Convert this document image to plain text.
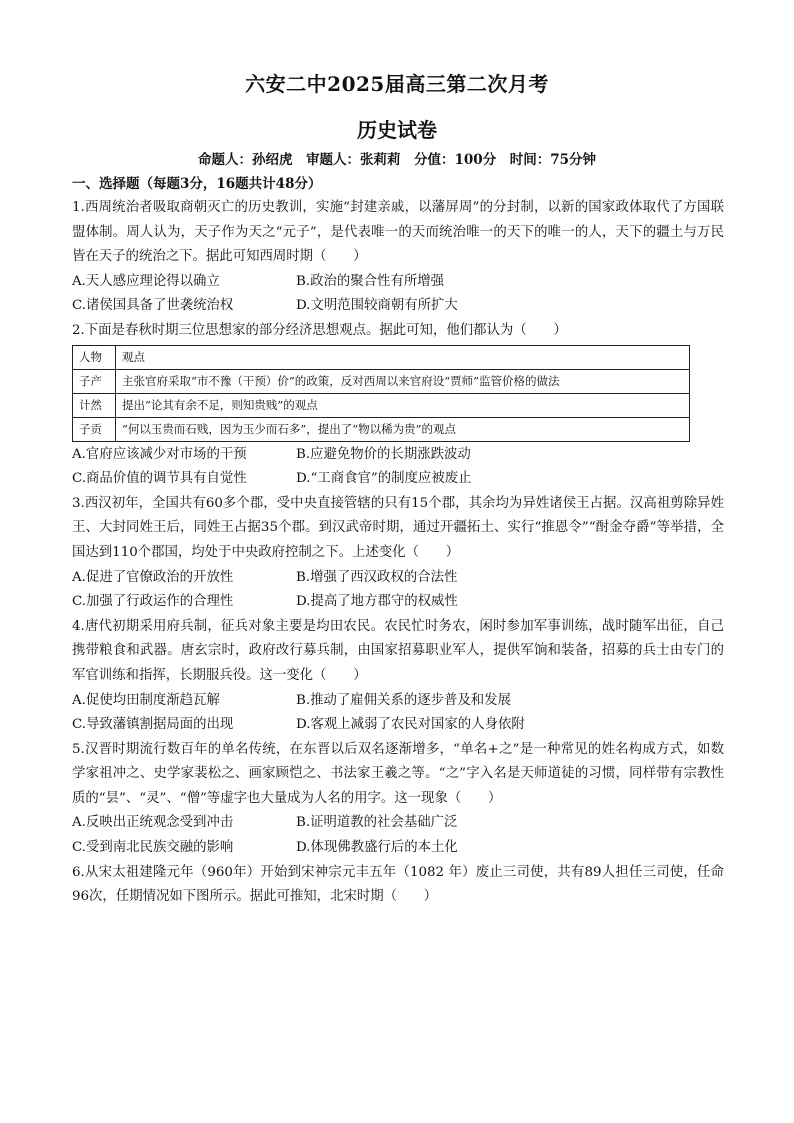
六安二中2025届高三第二次月考
历史试卷
命题人：孙绍虎　审题人：张莉莉　分值：100分　时间：75分钟
一、选择题（每题3分，16题共计48分）

1.西周统治者吸取商朝灭亡的历史教训，实施“封建亲戚，以藩屏周”的分封制，以新的国家政体取代了方国联盟体制。周人认为，天子作为天之“元子”，是代表唯一的天而统治唯一的天下的唯一的人，天下的疆土与万民皆在天子的统治之下。据此可知西周时期（　　）

A.天人感应理论得以确立	B.政治的聚合性有所增强
C.诸侯国具备了世袭统治权	D.文明范围较商朝有所扩大

2.下面是春秋时期三位思想家的部分经济思想观点。据此可知，他们都认为（　　）

人物	观点
子产	主张官府采取“市不豫（干预）价”的政策，反对西周以来官府设“贾师”监管价格的做法
计然	提出“论其有余不足，则知贵贱”的观点
子贡	“何以玉贵而石贱，因为玉少而石多”，提出了“物以稀为贵”的观点
A.官府应该减少对市场的干预	B.应避免物价的长期涨跌波动
C.商品价值的调节具有自觉性	D.“工商食官”的制度应被废止

3.西汉初年，全国共有60多个郡，受中央直接管辖的只有15个郡，其余均为异姓诸侯王占据。汉高祖剪除异姓王、大封同姓王后，同姓王占据35个郡。到汉武帝时期，通过开疆拓土、实行“推恩令”“酎金夺爵”等举措，全国达到110个郡国，均处于中央政府控制之下。上述变化（　　）

A.促进了官僚政治的开放性	B.增强了西汉政权的合法性
C.加强了行政运作的合理性	D.提高了地方郡守的权威性

4.唐代初期采用府兵制，征兵对象主要是均田农民。农民忙时务农，闲时参加军事训练，战时随军出征，自己携带粮食和武器。唐玄宗时，政府改行募兵制，由国家招募职业军人，提供军饷和装备，招募的兵士由专门的军官训练和指挥，长期服兵役。这一变化（　　）

A.促使均田制度渐趋瓦解	B.推动了雇佣关系的逐步普及和发展
C.导致藩镇割据局面的出现	D.客观上减弱了农民对国家的人身依附

5.汉晋时期流行数百年的单名传统，在东晋以后双名逐渐增多，“单名+之”是一种常见的姓名构成方式，如数学家祖冲之、史学家裴松之、画家顾恺之、书法家王羲之等。“之”字入名是天师道徒的习惯，同样带有宗教性质的“昙”、“灵”、“僧”等虚字也大量成为人名的用字。这一现象（　　）

A.反映出正统观念受到冲击	B.证明道教的社会基础广泛
C.受到南北民族交融的影响	D.体现佛教盛行后的本土化

6.从宋太祖建隆元年（960年）开始到宋神宗元丰五年（1082 年）废止三司使，共有89人担任三司使，任命96次，任期情况如下图所示。据此可推知，北宋时期（　　）
